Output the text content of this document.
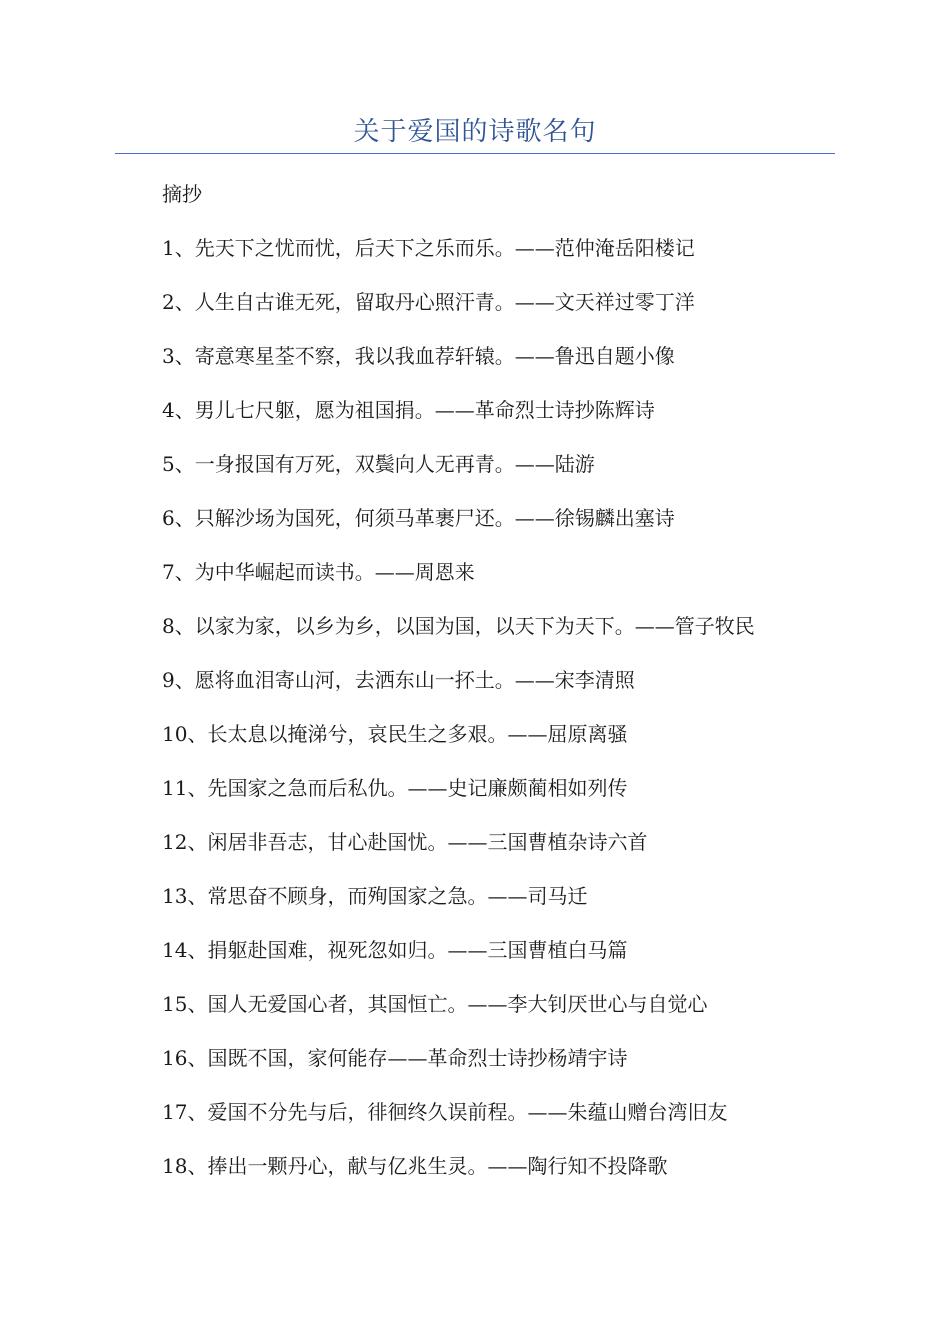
关于爱国的诗歌名句
摘抄
1、先天下之忧而忧，后天下之乐而乐。——范仲淹岳阳楼记
2、人生自古谁无死，留取丹心照汗青。——文天祥过零丁洋
3、寄意寒星荃不察，我以我血荐轩辕。——鲁迅自题小像
4、男儿七尺躯，愿为祖国捐。——革命烈士诗抄陈辉诗
5、一身报国有万死，双鬓向人无再青。——陆游
6、只解沙场为国死，何须马革裹尸还。——徐锡麟出塞诗
7、为中华崛起而读书。——周恩来
8、以家为家，以乡为乡，以国为国，以天下为天下。——管子牧民
9、愿将血泪寄山河，去洒东山一抔土。——宋李清照
10、长太息以掩涕兮，哀民生之多艰。——屈原离骚
11、先国家之急而后私仇。——史记廉颇蔺相如列传
12、闲居非吾志，甘心赴国忧。——三国曹植杂诗六首
13、常思奋不顾身，而殉国家之急。——司马迁
14、捐躯赴国难，视死忽如归。——三国曹植白马篇
15、国人无爱国心者，其国恒亡。——李大钊厌世心与自觉心
16、国既不国，家何能存——革命烈士诗抄杨靖宇诗
17、爱国不分先与后，徘徊终久误前程。——朱蕴山赠台湾旧友
18、捧出一颗丹心，献与亿兆生灵。——陶行知不投降歌
